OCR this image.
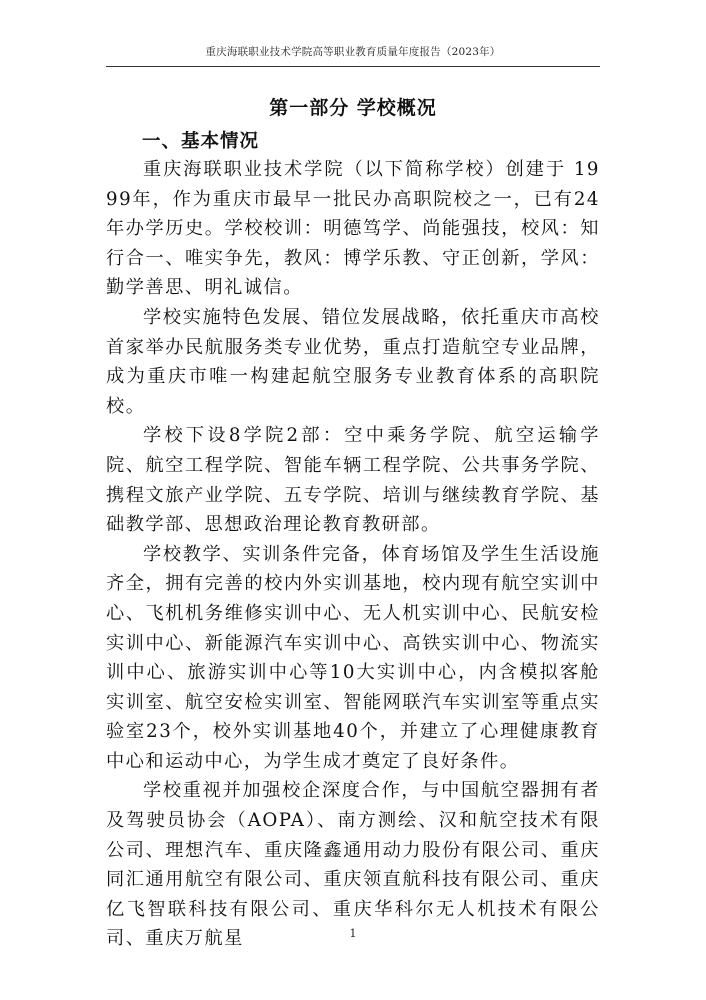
重庆海联职业技术学院高等职业教育质量年度报告（2023年）
第一部分 学校概况
一、基本情况

重庆海联职业技术学院（以下简称学校）创建于 1999年，作为重庆市最早一批民办高职院校之一，已有24年办学历史。学校校训：明德笃学、尚能强技，校风：知行合一、唯实争先，教风：博学乐教、守正创新，学风：勤学善思、明礼诚信。

学校实施特色发展、错位发展战略，依托重庆市高校首家举办民航服务类专业优势，重点打造航空专业品牌，成为重庆市唯一构建起航空服务专业教育体系的高职院校。

学校下设8学院2部：空中乘务学院、航空运输学院、航空工程学院、智能车辆工程学院、公共事务学院、携程文旅产业学院、五专学院、培训与继续教育学院、基础教学部、思想政治理论教育教研部。

学校教学、实训条件完备，体育场馆及学生生活设施齐全，拥有完善的校内外实训基地，校内现有航空实训中心、飞机机务维修实训中心、无人机实训中心、民航安检实训中心、新能源汽车实训中心、高铁实训中心、物流实训中心、旅游实训中心等10大实训中心，内含模拟客舱实训室、航空安检实训室、智能网联汽车实训室等重点实验室23个，校外实训基地40个，并建立了心理健康教育中心和运动中心，为学生成才奠定了良好条件。

学校重视并加强校企深度合作，与中国航空器拥有者及驾驶员协会（AOPA）、南方测绘、汉和航空技术有限公司、理想汽车、重庆隆鑫通用动力股份有限公司、重庆同汇通用航空有限公司、重庆领直航科技有限公司、重庆亿飞智联科技有限公司、重庆华科尔无人机技术有限公司、重庆万航星	1
